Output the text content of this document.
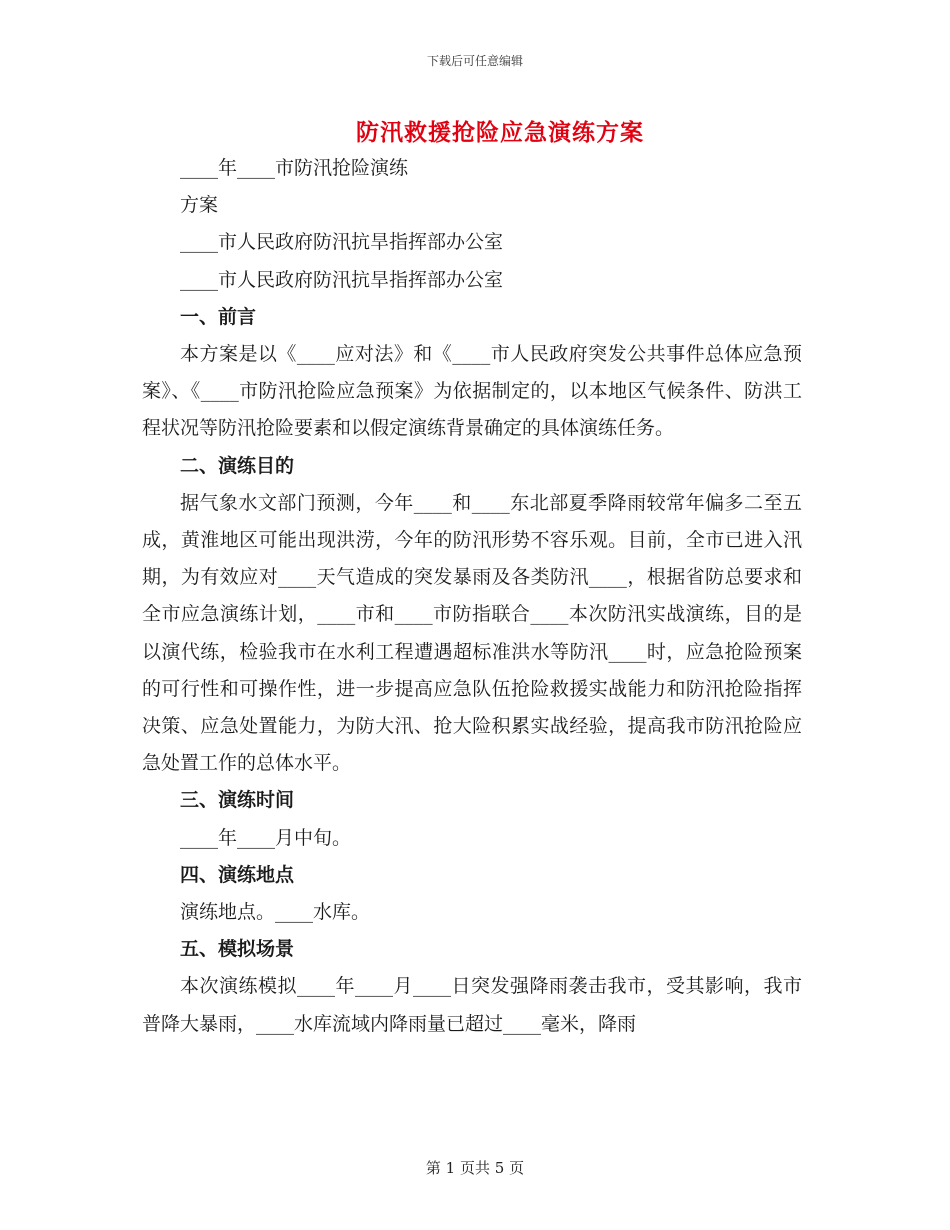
下载后可任意编辑
防汛救援抢险应急演练方案

____年____市防汛抢险演练

方案

____市人民政府防汛抗旱指挥部办公室

____市人民政府防汛抗旱指挥部办公室

一、前言

本方案是以《____应对法》和《____市人民政府突发公共事件总体应急预案》、《____市防汛抢险应急预案》为依据制定的，以本地区气候条件、防洪工程状况等防汛抢险要素和以假定演练背景确定的具体演练任务。

二、演练目的

据气象水文部门预测，今年____和____东北部夏季降雨较常年偏多二至五成，黄淮地区可能出现洪涝，今年的防汛形势不容乐观。目前，全市已进入汛期，为有效应对____天气造成的突发暴雨及各类防汛____，根据省防总要求和全市应急演练计划，____市和____市防指联合____本次防汛实战演练，目的是以演代练，检验我市在水利工程遭遇超标准洪水等防汛____时，应急抢险预案的可行性和可操作性，进一步提高应急队伍抢险救援实战能力和防汛抢险指挥决策、应急处置能力，为防大汛、抢大险积累实战经验，提高我市防汛抢险应急处置工作的总体水平。

三、演练时间

____年____月中旬。

四、演练地点

演练地点。____水库。

五、模拟场景

本次演练模拟____年____月____日突发强降雨袭击我市，受其影响，我市普降大暴雨，____水库流域内降雨量已超过____毫米，降雨

第 1 页共 5 页
